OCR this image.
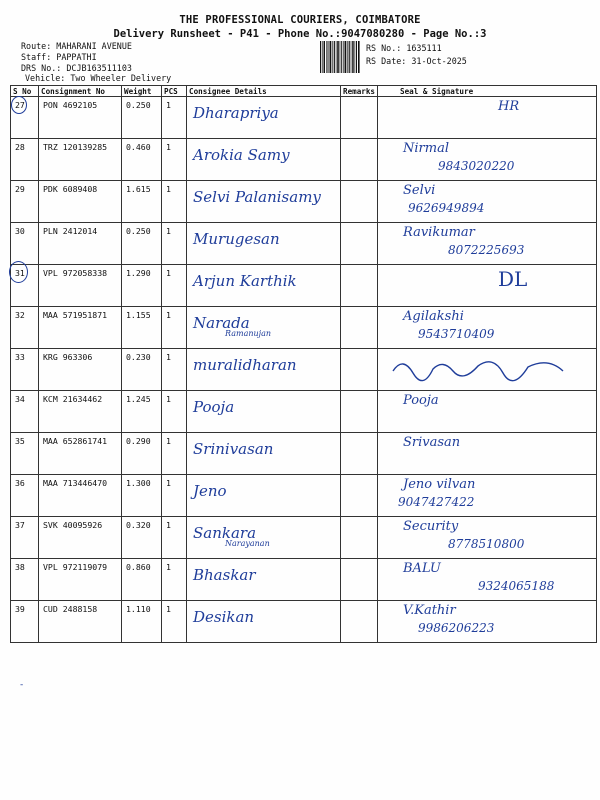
THE PROFESSIONAL COURIERS, COIMBATORE
Delivery Runsheet - P41 - Phone No.:9047080280 - Page No.:3
Route: MAHARANI AVENUE
Staff: PAPPATHI
DRS No.: DCJB163511103
Vehicle: Two Wheeler Delivery
RS No.: 1635111
RS Date: 31-Oct-2025
S No	Consignment No	Weight	PCS	Consignee Details	Remarks	Seal & Signature
27	PON 4692105	0.250	1	Dharapriya		HR

28	TRZ 120139285	0.460	1	Arokia Samy		Nirmal
9843020220

29	PDK 6089408	1.615	1	Selvi Palanisamy		Selvi
9626949894

30	PLN 2412014	0.250	1	Murugesan		Ravikumar
8072225693

31	VPL 972058338	1.290	1	Arjun Karthik		DL

32	MAA 571951871	1.155	1	Narada
Ramanujan		Agilakshi
9543710409

33	KRG 963306	0.230	1	muralidharan

34	KCM 21634462	1.245	1	Pooja		Pooja

35	MAA 652861741	0.290	1	Srinivasan		Srivasan

36	MAA 713446470	1.300	1	Jeno		Jeno vilvan
9047427422

37	SVK 40095926	0.320	1	Sankara
Narayanan		Security
8778510800

38	VPL 972119079	0.860	1	Bhaskar		BALU
9324065188

39	CUD 2488158	1.110	1	Desikan		V.Kathir
9986206223
-
